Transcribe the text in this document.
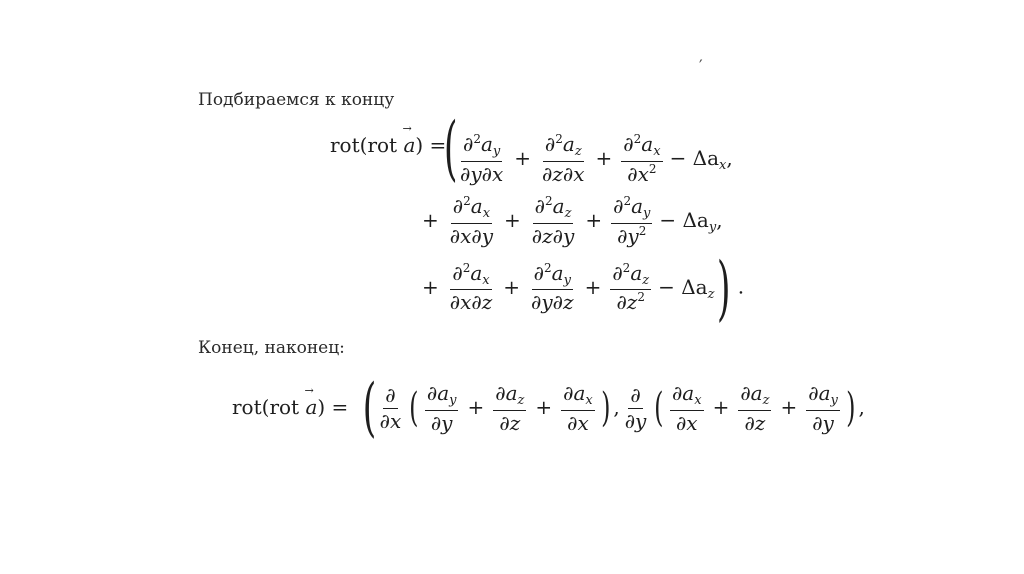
′
Подбираемся к концу
rot(rot → a) =
( $\frac{\partial^2a_y}{\partial y\partial x} + \frac{\partial^2a_z}{\partial z\partial x} + \frac{\partial^2a_x}{\partial x^2} - \Delta a_x$,
+ $\frac{\partial^2a_x}{\partial x\partial y} + \frac{\partial^2a_z}{\partial z\partial y} + \frac{\partial^2a_y}{\partial y^2} - \Delta a_y$,
+ $\frac{\partial^2a_x}{\partial x\partial z} + \frac{\partial^2a_y}{\partial y\partial z} + \frac{\partial^2a_z}{\partial z^2} - \Delta a_z$) .
Конец, наконец:
rot(rot → a) = ( $\frac{\partial}{\partial x}$ ( $\frac{\partial a_y}{\partial y} + \frac{\partial a_z}{\partial z} + \frac{\partial a_x}{\partial x}$ ) , $\frac{\partial}{\partial y}$ ( $\frac{\partial a_x}{\partial x} + \frac{\partial a_z}{\partial z} + \frac{\partial a_y}{\partial y}$ ) ,
